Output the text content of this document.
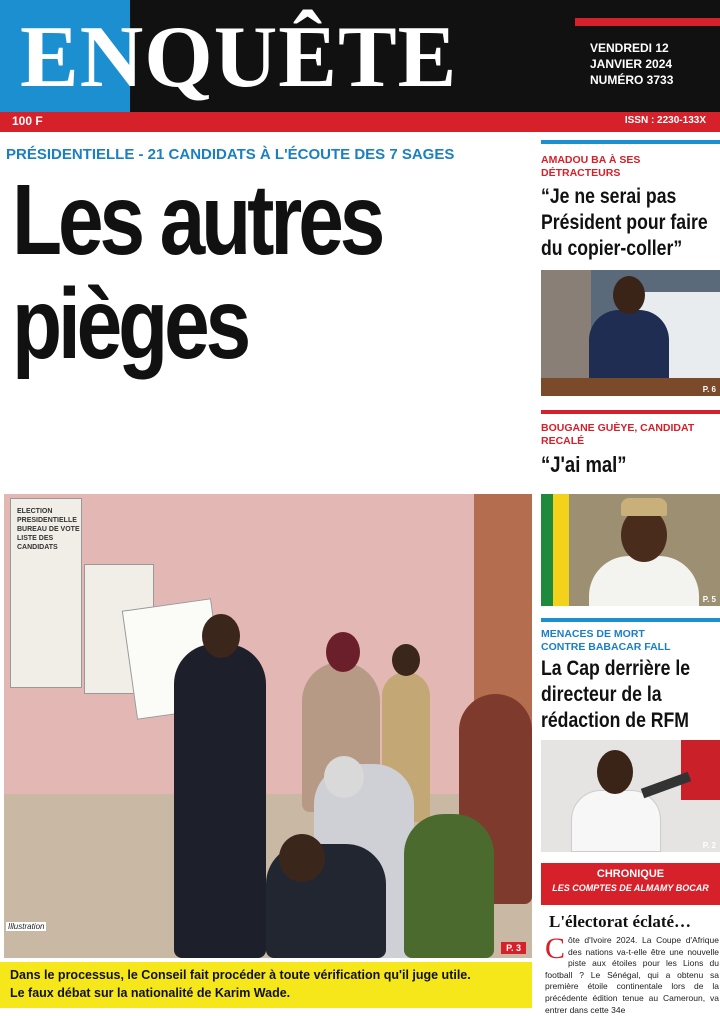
ENQUÊTE	VENDREDI 12
JANVIER 2024
NUMÉRO 3733
100 F	ISSN : 2230-133X
PRÉSIDENTIELLE - 21 CANDIDATS À L'ÉCOUTE DES 7 SAGES
Les autres
pièges
ELECTION PRESIDENTIELLE BUREAU DE VOTE LISTE DES CANDIDATS
Illustration
P. 3

Dans le processus, le Conseil fait procéder à toute vérification qu'il juge utile.

Le faux débat sur la nationalité de Karim Wade.

AMADOU BA À SES DÉTRACTEURS
“Je ne serai pas Président pour faire du copier-coller”
P. 6
BOUGANE GUÈYE, CANDIDAT RECALÉ
“J'ai mal”
P. 5
MENACES DE MORT
CONTRE BABACAR FALL
La Cap derrière le directeur de la rédaction de RFM
P. 2
CHRONIQUE
LES COMPTES DE ALMAMY BOCAR
L'électorat éclaté…
C ôte d'Ivoire 2024. La Coupe d'Afrique des nations va-t-elle être une nouvelle piste aux étoiles pour les Lions du football ? Le Sénégal, qui a obtenu sa première étoile continentale lors de la précédente édition tenue au Cameroun, va entrer dans cette 34e
